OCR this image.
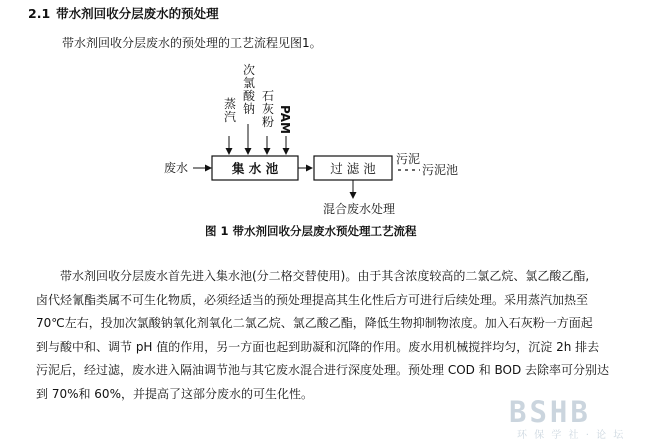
2.1 带水剂回收分层废水的预处理
带水剂回收分层废水的预处理的工艺流程见图1。
蒸汽
次氯酸钠
石灰粉 PAM
废水	集 水 池	过 滤 池
污泥
污泥池
混合废水处理
图 1 带水剂回收分层废水预处理工艺流程
带水剂回收分层废水首先进入集水池(分二格交替使用)。由于其含浓度较高的二氯乙烷、氯乙酸乙酯,
卤代烃氰酯类属不可生化物质，必须经适当的预处理提高其生化性后方可进行后续处理。采用蒸汽加热至
70℃左右，投加次氯酸钠氧化剂氧化二氯乙烷、氯乙酸乙酯，降低生物抑制物浓度。加入石灰粉一方面起
到与酸中和、调节 pH 值的作用，另一方面也起到助凝和沉降的作用。废水用机械搅拌均匀，沉淀 2h 排去
污泥后，经过滤，废水进入隔油调节池与其它废水混合进行深度处理。预处理 COD 和 BOD 去除率可分别达
到 70%和 60%，并提高了这部分废水的可生化性。
BSHB
环 保 学 社 · 论 坛
